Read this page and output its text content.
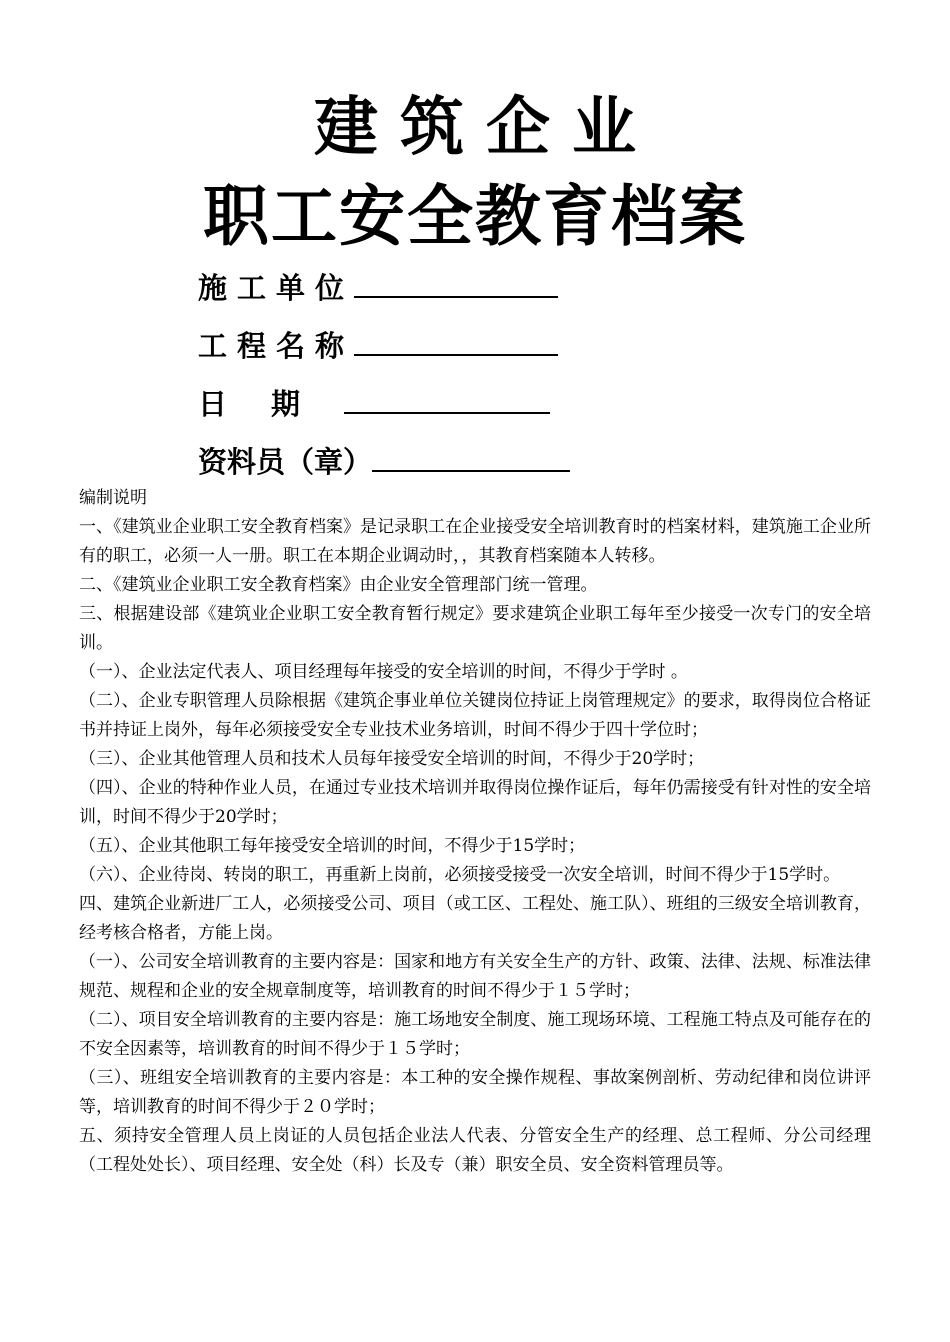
建筑企业
职工安全教育档案
施工单位
工程名称
日期
资料员（章）

编制说明

一、《建筑业企业职工安全教育档案》是记录职工在企业接受安全培训教育时的档案材料，建筑施工企业所有的职工，必须一人一册。职工在本期企业调动时，，其教育档案随本人转移。

二、《建筑业企业职工安全教育档案》由企业安全管理部门统一管理。

三、根据建设部《建筑业企业职工安全教育暂行规定》要求建筑企业职工每年至少接受一次专门的安全培训。

（一）、企业法定代表人、项目经理每年接受的安全培训的时间，不得少于学时 。

（二）、企业专职管理人员除根据《建筑企事业单位关键岗位持证上岗管理规定》的要求，取得岗位合格证书并持证上岗外，每年必须接受安全专业技术业务培训，时间不得少于四十学位时；

（三）、企业其他管理人员和技术人员每年接受安全培训的时间，不得少于20学时；

（四）、企业的特种作业人员，在通过专业技术培训并取得岗位操作证后，每年仍需接受有针对性的安全培训，时间不得少于20学时；

（五）、企业其他职工每年接受安全培训的时间，不得少于15学时；

（六）、企业待岗、转岗的职工，再重新上岗前，必须接受接受一次安全培训，时间不得少于15学时。

四、建筑企业新进厂工人，必须接受公司、项目（或工区、工程处、施工队）、班组的三级安全培训教育，经考核合格者，方能上岗。

（一）、公司安全培训教育的主要内容是：国家和地方有关安全生产的方针、政策、法律、法规、标准法律规范、规程和企业的安全规章制度等，培训教育的时间不得少于１５学时；

（二）、项目安全培训教育的主要内容是：施工场地安全制度、施工现场环境、工程施工特点及可能存在的不安全因素等，培训教育的时间不得少于１５学时；

（三）、班组安全培训教育的主要内容是：本工种的安全操作规程、事故案例剖析、劳动纪律和岗位讲评等，培训教育的时间不得少于２０学时；

五、须持安全管理人员上岗证的人员包括企业法人代表、分管安全生产的经理、总工程师、分公司经理（工程处处长）、项目经理、安全处（科）长及专（兼）职安全员、安全资料管理员等。
